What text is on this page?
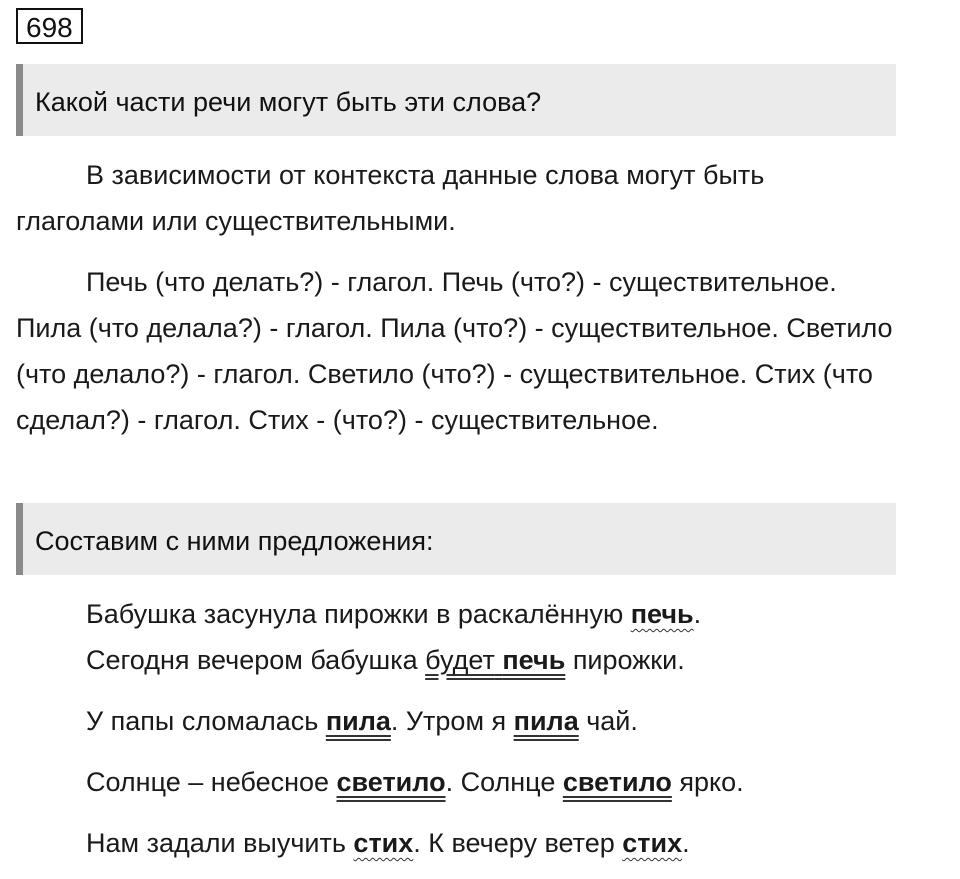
698
Какой части речи могут быть эти слова?

В зависимости от контекста данные слова могут быть глаголами или существительными.

Печь (что делать?) - глагол. Печь (что?) - существительное. Пила (что делала?) - глагол. Пила (что?) - существительное. Светило (что делало?) - глагол. Светило (что?) - существительное. Стих (что сделал?) - глагол. Стих - (что?) - существительное.

Составим с ними предложения:
Бабушка засунула пирожки в раскалённую печь.
Сегодня вечером бабушка будет печь пирожки.
У папы сломалась пила. Утром я пила чай.
Солнце – небесное светило. Солнце светило ярко.
Нам задали выучить стих. К вечеру ветер стих.
